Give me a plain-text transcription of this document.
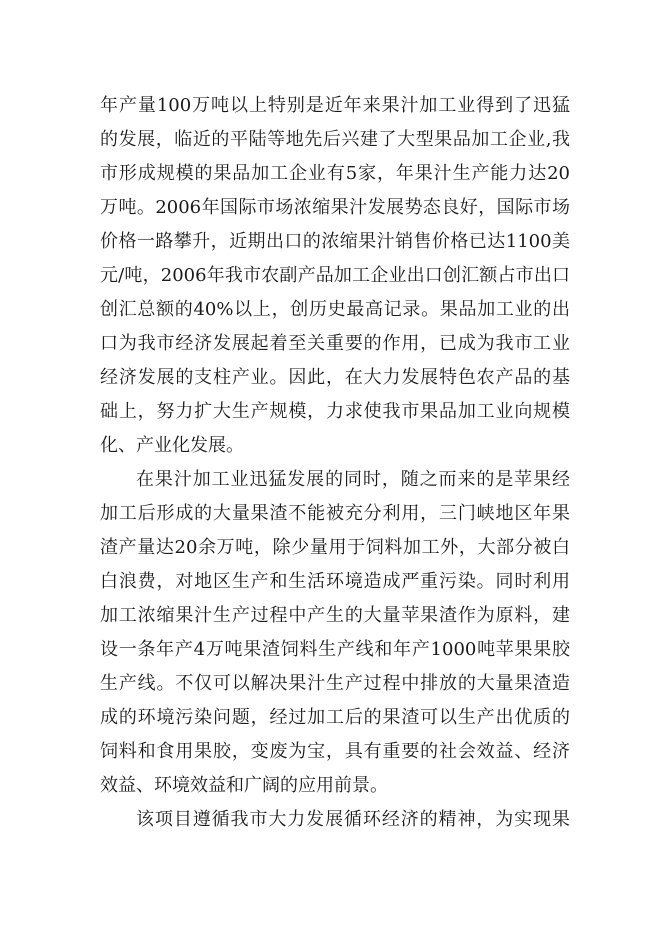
年产量100万吨以上特别是近年来果汁加工业得到了迅猛
的发展，临近的平陆等地先后兴建了大型果品加工企业,我
市形成规模的果品加工企业有5家，年果汁生产能力达20
万吨。2006年国际市场浓缩果汁发展势态良好，国际市场
价格一路攀升，近期出口的浓缩果汁销售价格已达1100美
元/吨，2006年我市农副产品加工企业出口创汇额占市出口
创汇总额的40%以上，创历史最高记录。果品加工业的出
口为我市经济发展起着至关重要的作用，已成为我市工业
经济发展的支柱产业。因此，在大力发展特色农产品的基
础上，努力扩大生产规模，力求使我市果品加工业向规模
化、产业化发展。
在果汁加工业迅猛发展的同时，随之而来的是苹果经
加工后形成的大量果渣不能被充分利用，三门峡地区年果
渣产量达20余万吨，除少量用于饲料加工外，大部分被白
白浪费，对地区生产和生活环境造成严重污染。同时利用
加工浓缩果汁生产过程中产生的大量苹果渣作为原料，建
设一条年产4万吨果渣饲料生产线和年产1000吨苹果果胶
生产线。不仅可以解决果汁生产过程中排放的大量果渣造
成的环境污染问题，经过加工后的果渣可以生产出优质的
饲料和食用果胶，变废为宝，具有重要的社会效益、经济
效益、环境效益和广阔的应用前景。
该项目遵循我市大力发展循环经济的精神，为实现果
